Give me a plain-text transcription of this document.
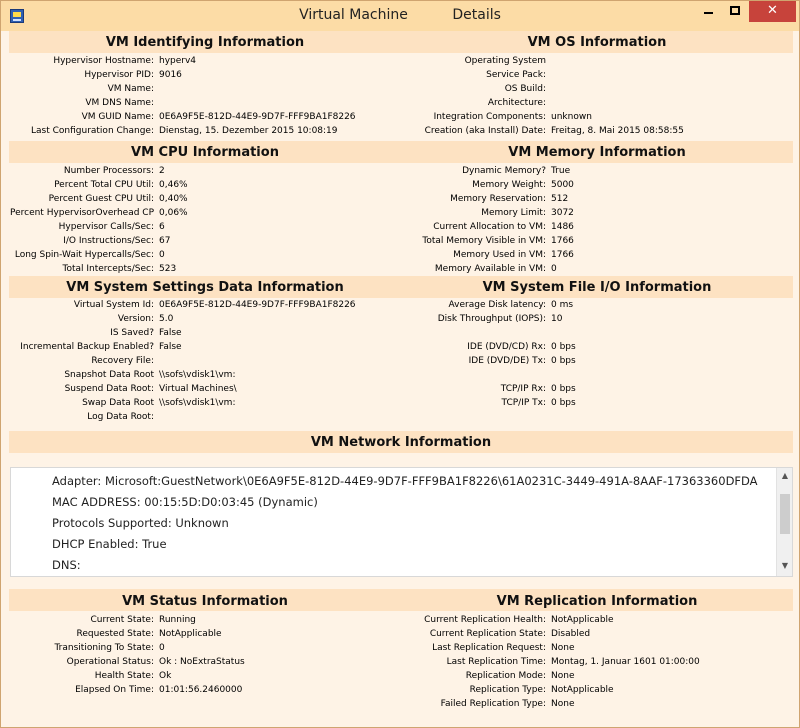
Virtual Machine          Details	✕
VM Identifying Information	VM OS Information
Hypervisor Hostname: hyperv4
Hypervisor PID: 9016
VM Name:
VM DNS Name:
VM GUID Name: 0E6A9F5E-812D-44E9-9D7F-FFF9BA1F8226
Last Configuration Change: Dienstag, 15. Dezember 2015 10:08:19
Operating System
Service Pack:
OS Build:
Architecture:
Integration Components: unknown
Creation (aka Install) Date: Freitag, 8. Mai 2015 08:58:55
VM CPU Information	VM Memory Information
Number Processors: 2
Percent Total CPU Util: 0,46%
Percent Guest CPU Util: 0,40%
Percent HypervisorOverhead CP 0,06%
Hypervisor Calls/Sec: 6
I/O Instructions/Sec: 67
Long Spin-Wait Hypercalls/Sec: 0
Total Intercepts/Sec: 523
Dynamic Memory? True
Memory Weight: 5000
Memory Reservation: 512
Memory Limit: 3072
Current Allocation to VM: 1486
Total Memory Visible in VM: 1766
Memory Used in VM: 1766
Memory Available in VM: 0
VM System Settings Data Information	VM System File I/O Information
Virtual System Id: 0E6A9F5E-812D-44E9-9D7F-FFF9BA1F8226
Version: 5.0
IS Saved? False
Incremental Backup Enabled? False
Recovery File:
Snapshot Data Root \\sofs\vdisk1\vm:
Suspend Data Root: Virtual Machines\
Swap Data Root \\sofs\vdisk1\vm:
Log Data Root:
Average Disk latency: 0 ms
Disk Throughput (IOPS): 10
IDE (DVD/CD) Rx: 0 bps
IDE (DVD/DE) Tx: 0 bps
TCP/IP Rx: 0 bps
TCP/IP Tx: 0 bps
VM Network Information
Adapter: Microsoft:GuestNetwork\0E6A9F5E-812D-44E9-9D7F-FFF9BA1F8226\61A0231C-3449-491A-8AAF-17363360DFDA
MAC ADDRESS: 00:15:5D:D0:03:45 (Dynamic)
Protocols Supported: Unknown
DHCP Enabled: True
DNS:
▲
▼
VM Status Information	VM Replication Information
Current State: Running
Requested State: NotApplicable
Transitioning To State: 0
Operational Status: Ok : NoExtraStatus
Health State: Ok
Elapsed On Time: 01:01:56.2460000
Current Replication Health: NotApplicable
Current Replication State: Disabled
Last Replication Request: None
Last Replication Time: Montag, 1. Januar 1601 01:00:00
Replication Mode: None
Replication Type: NotApplicable
Failed Replication Type: None
